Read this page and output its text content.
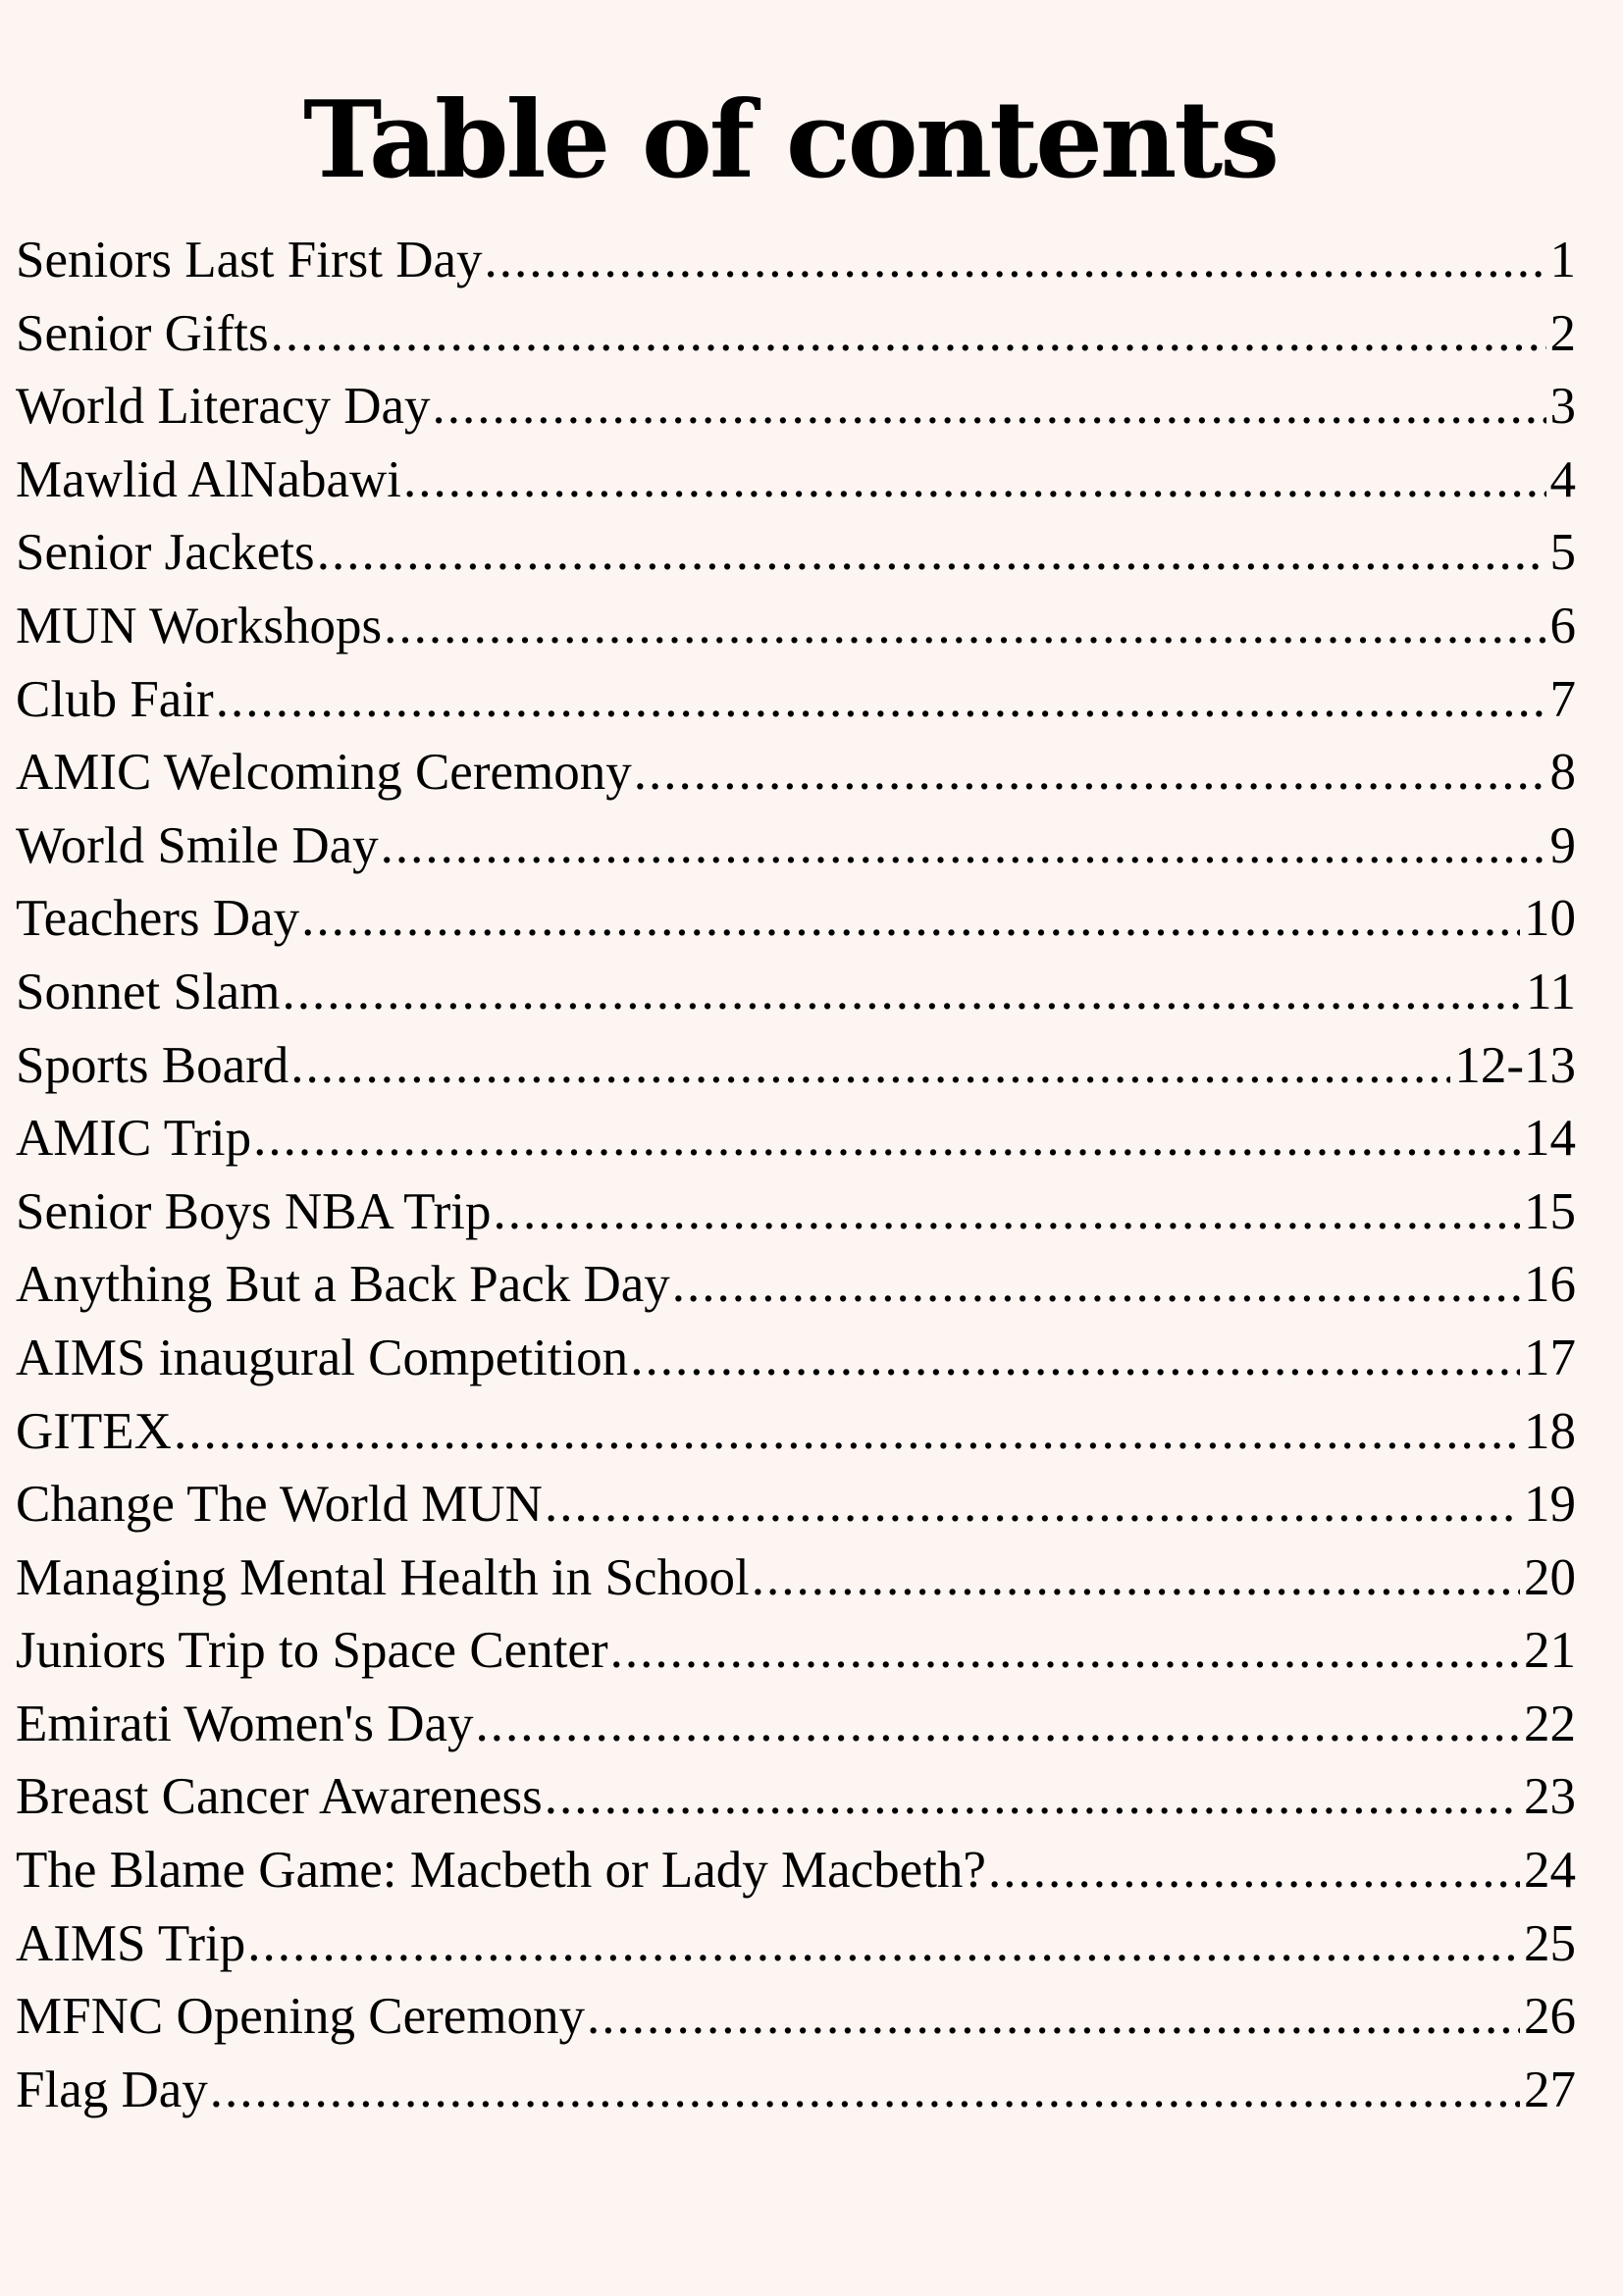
Table of contents
Seniors Last First Day .....	1
Senior Gifts .....	2
World Literacy Day .....	3
Mawlid AlNabawi .....	4
Senior Jackets .....	5
MUN Workshops .....	6
Club Fair .....	7
AMIC Welcoming Ceremony .....	8
World Smile Day .....	9
Teachers Day .....	10
Sonnet Slam .....	11
Sports Board .....	12-13
AMIC Trip .....	14
Senior Boys NBA Trip .....	15
Anything But a Back Pack Day .....	16
AIMS inaugural Competition .....	17
GITEX .....	18
Change The World MUN .....	19
Managing Mental Health in School .....	20
Juniors Trip to Space Center .....	21
Emirati Women's Day .....	22
Breast Cancer Awareness .....	23
The Blame Game: Macbeth or Lady Macbeth? .....	24
AIMS Trip .....	25
MFNC Opening Ceremony .....	26
Flag Day .....	27
